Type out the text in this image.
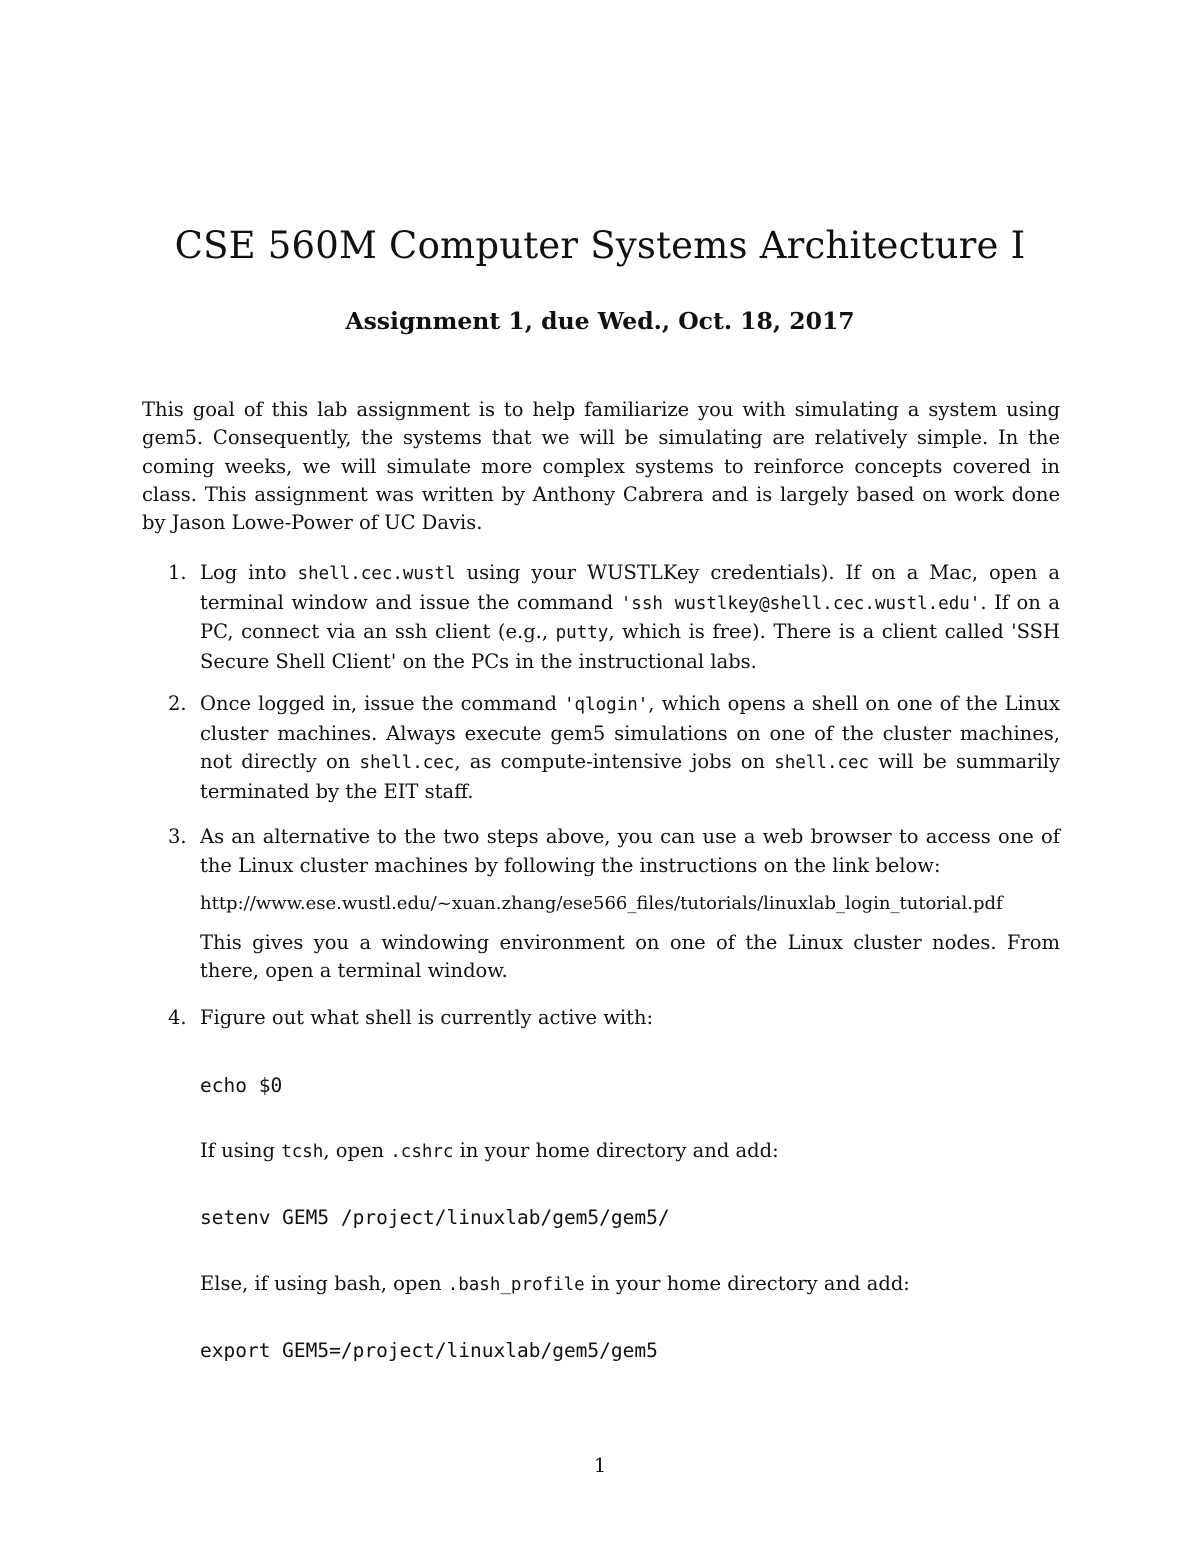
CSE 560M Computer Systems Architecture I
Assignment 1, due Wed., Oct. 18, 2017

This goal of this lab assignment is to help familiarize you with simulating a system using gem5. Consequently, the systems that we will be simulating are relatively simple. In the coming weeks, we will simulate more complex systems to reinforce concepts covered in class. This assignment was written by Anthony Cabrera and is largely based on work done by Jason Lowe-Power of UC Davis.

1. Log into shell.cec.wustl using your WUSTLKey credentials). If on a Mac, open a terminal window and issue the command 'ssh wustlkey@shell.cec.wustl.edu'. If on a PC, connect via an ssh client (e.g., putty, which is free). There is a client called 'SSH Secure Shell Client' on the PCs in the instructional labs.

2. Once logged in, issue the command 'qlogin', which opens a shell on one of the Linux cluster machines. Always execute gem5 simulations on one of the cluster machines, not directly on shell.cec, as compute-intensive jobs on shell.cec will be summarily terminated by the EIT staff.

3. As an alternative to the two steps above, you can use a web browser to access one of the Linux cluster machines by following the instructions on the link below:

http://www.ese.wustl.edu/~xuan.zhang/ese566_files/tutorials/linuxlab_login_tutorial.pdf

This gives you a windowing environment on one of the Linux cluster nodes. From there, open a terminal window.

4. Figure out what shell is currently active with:

echo $0
If using tcsh, open .cshrc in your home directory and add:
setenv GEM5 /project/linuxlab/gem5/gem5/
Else, if using bash, open .bash_profile in your home directory and add:
export GEM5=/project/linuxlab/gem5/gem5
1
